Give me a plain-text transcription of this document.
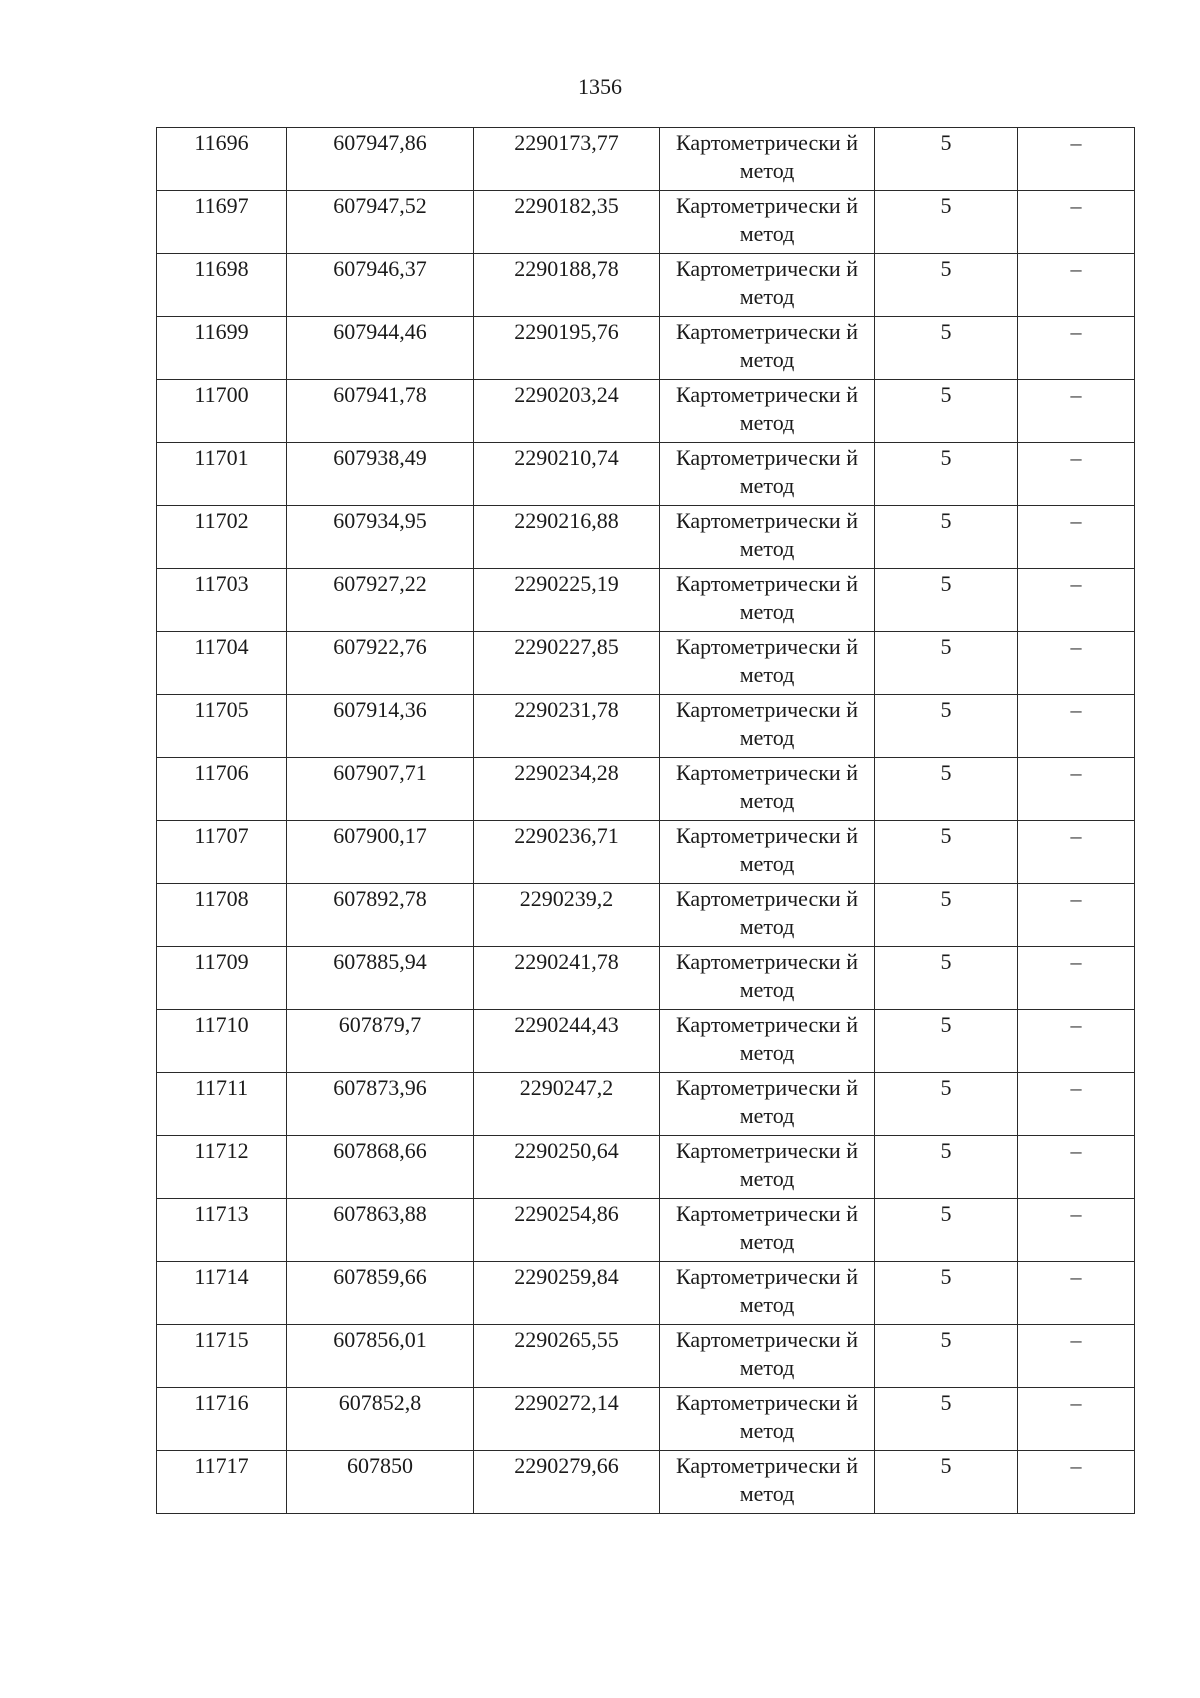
1356
11696	607947,86	2290173,77	Картометрически й метод	5	–

11697	607947,52	2290182,35	Картометрически й метод	5	–

11698	607946,37	2290188,78	Картометрически й метод	5	–

11699	607944,46	2290195,76	Картометрически й метод	5	–

11700	607941,78	2290203,24	Картометрически й метод	5	–

11701	607938,49	2290210,74	Картометрически й метод	5	–

11702	607934,95	2290216,88	Картометрически й метод	5	–

11703	607927,22	2290225,19	Картометрически й метод	5	–

11704	607922,76	2290227,85	Картометрически й метод	5	–

11705	607914,36	2290231,78	Картометрически й метод	5	–

11706	607907,71	2290234,28	Картометрически й метод	5	–

11707	607900,17	2290236,71	Картометрически й метод	5	–

11708	607892,78	2290239,2	Картометрически й метод	5	–

11709	607885,94	2290241,78	Картометрически й метод	5	–

11710	607879,7	2290244,43	Картометрически й метод	5	–

11711	607873,96	2290247,2	Картометрически й метод	5	–

11712	607868,66	2290250,64	Картометрически й метод	5	–

11713	607863,88	2290254,86	Картометрически й метод	5	–

11714	607859,66	2290259,84	Картометрически й метод	5	–

11715	607856,01	2290265,55	Картометрически й метод	5	–

11716	607852,8	2290272,14	Картометрически й метод	5	–

11717	607850	2290279,66	Картометрически й метод	5	–
